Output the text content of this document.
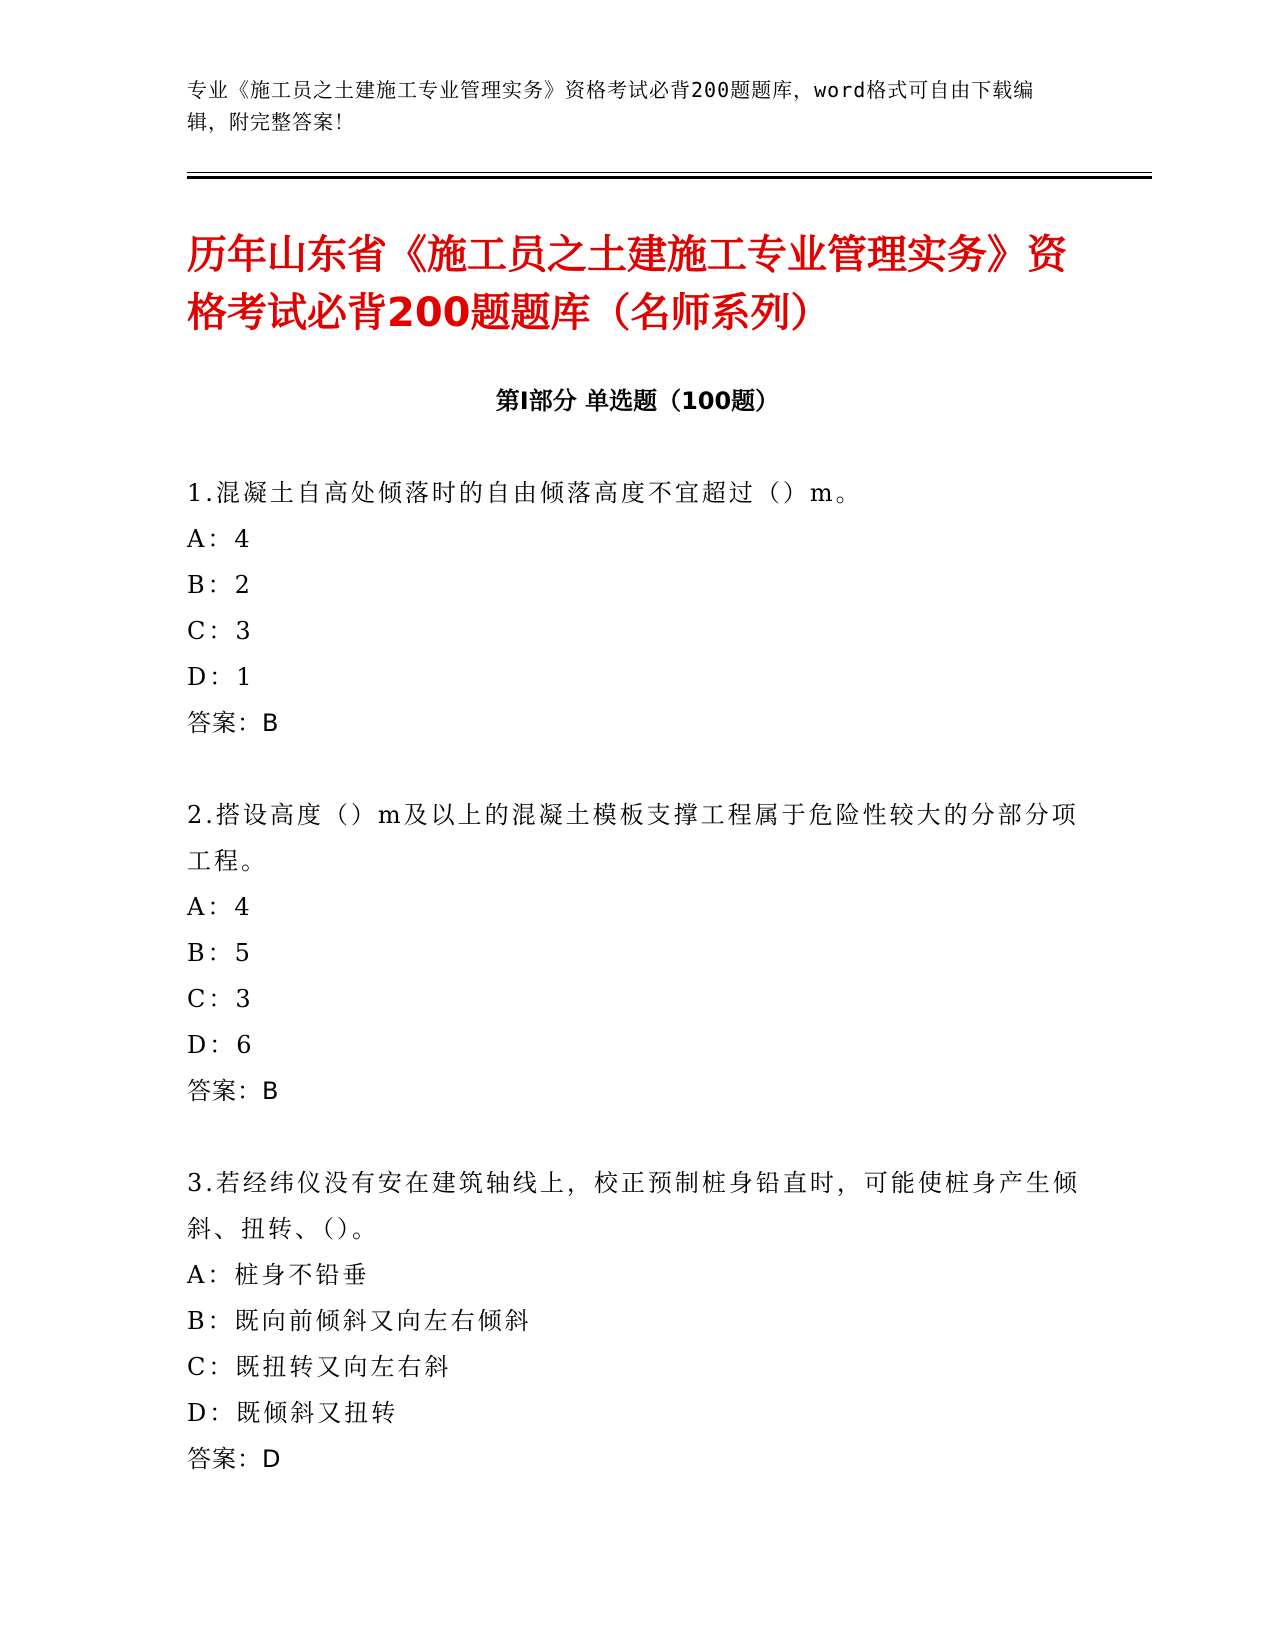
专业《施工员之土建施工专业管理实务》资格考试必背200题题库，word格式可自由下载编辑，附完整答案！
历年山东省《施工员之土建施工专业管理实务》资格考试必背200题题库（名师系列）
第Ⅰ部分 单选题（100题）
1.混凝土自高处倾落时的自由倾落高度不宜超过（）m。
A：4
B：2
C：3
D：1
答案：B
2.搭设高度（）m及以上的混凝土模板支撑工程属于危险性较大的分部分项工程。
A：4
B：5
C：3
D：6
答案：B
3.若经纬仪没有安在建筑轴线上，校正预制桩身铅直时，可能使桩身产生倾斜、扭转、（）。
A：桩身不铅垂
B：既向前倾斜又向左右倾斜
C：既扭转又向左右斜
D：既倾斜又扭转
答案：D
